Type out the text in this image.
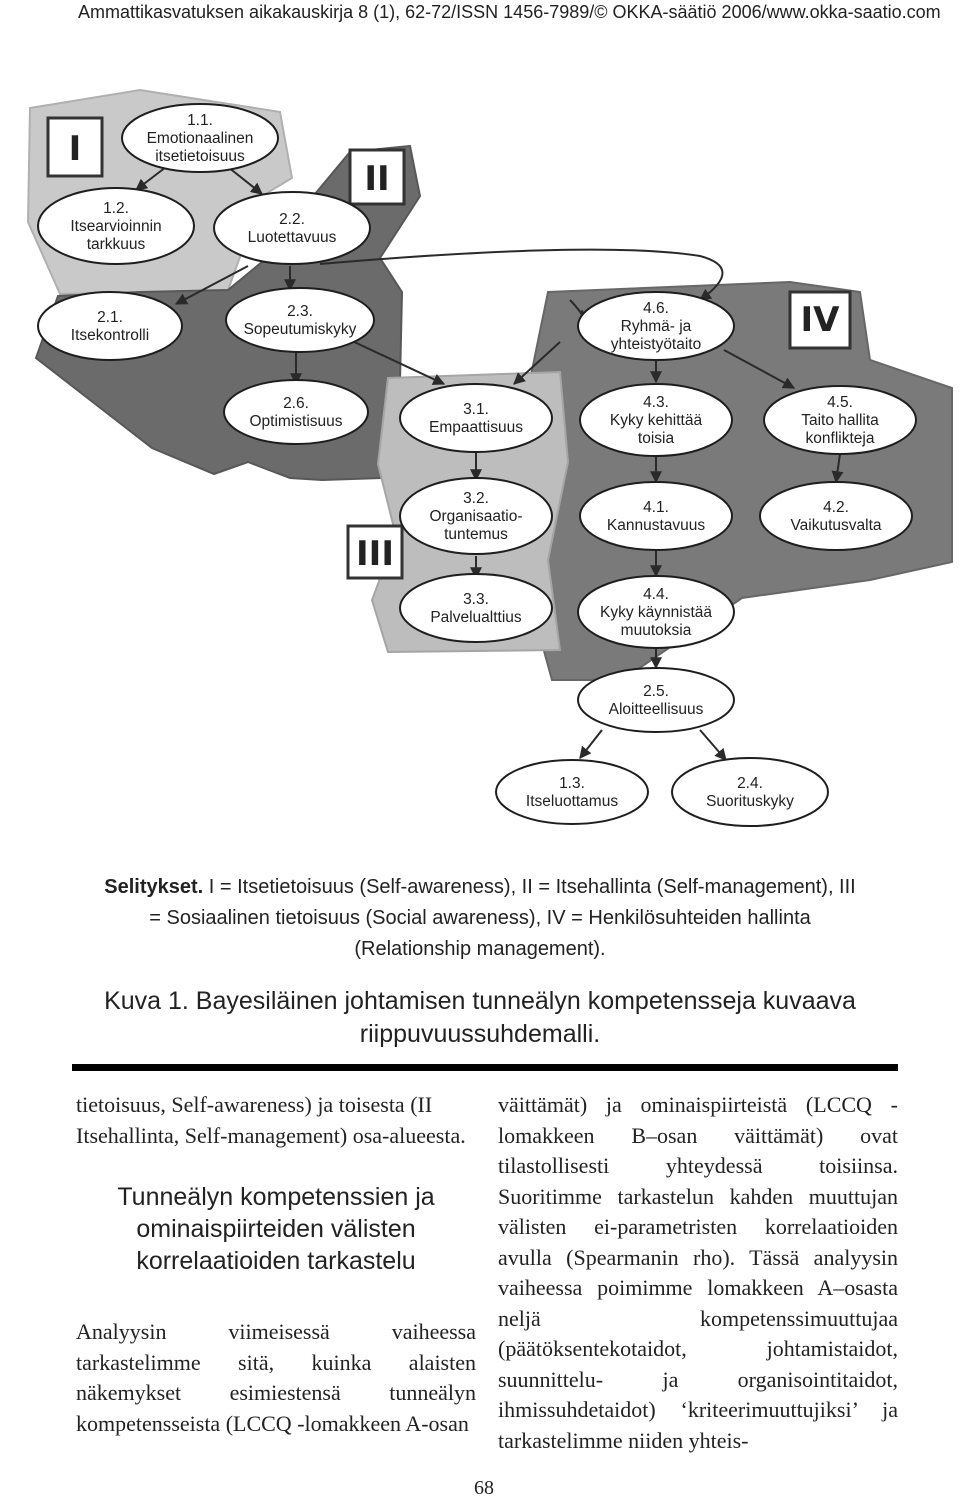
Ammattikasvatuksen aikakauskirja 8 (1), 62-72/ISSN 1456-7989/© OKKA-säätiö 2006/www.okka-saatio.com
I
II
III
IV
1.1.
Emotionaalinen
itsetietoisuus
1.2.
Itsearvioinnin
tarkkuus
2.2.
Luotettavuus
2.1.
Itsekontrolli
2.3.
Sopeutumiskyky
4.6.
Ryhmä- ja
yhteistyötaito
2.6.
Optimistisuus
3.1.
Empaattisuus
4.3.
Kyky kehittää
toisia
4.5.
Taito hallita
konflikteja
3.2.
Organisaatio-
tuntemus
4.1.
Kannustavuus
4.2.
Vaikutusvalta
3.3.
Palvelualttius
4.4.
Kyky käynnistää
muutoksia
2.5.
Aloitteellisuus
1.3.
Itseluottamus
2.4.
Suorituskyky
Selitykset. I = Itsetietoisuus (Self-awareness), II = Itsehallinta (Self-management), III = Sosiaalinen tietoisuus (Social awareness), IV = Henkilösuhteiden hallinta (Relationship management).
Kuva 1. Bayesiläinen johtamisen tunneälyn kompetensseja kuvaava riippuvuussuhdemalli.

tietoisuus, Self-awareness) ja toisesta (II Itsehallinta, Self-management) osa-alueesta.

Tunneälyn kompetenssien ja ominaispiirteiden välisten korrelaatioiden tarkastelu

Analyysin viimeisessä vaiheessa tarkastelimme sitä, kuinka alaisten näkemykset esimiestensä tunneälyn kompetensseista (LCCQ -lomakkeen A-osan

väittämät) ja ominaispiirteistä (LCCQ -lomakkeen B–osan väittämät) ovat tilastollisesti yhteydessä toisiinsa. Suoritimme tarkastelun kahden muuttujan välisten ei-parametristen korrelaatioiden avulla (Spearmanin rho). Tässä analyysin vaiheessa poimimme lomakkeen A–osasta neljä kompetenssimuuttujaa (päätöksentekotaidot, johtamistaidot, suunnittelu- ja organisointitaidot, ihmissuhdetaidot) ‘kriteerimuuttujiksi’ ja tarkastelimme niiden yhteis-

68
